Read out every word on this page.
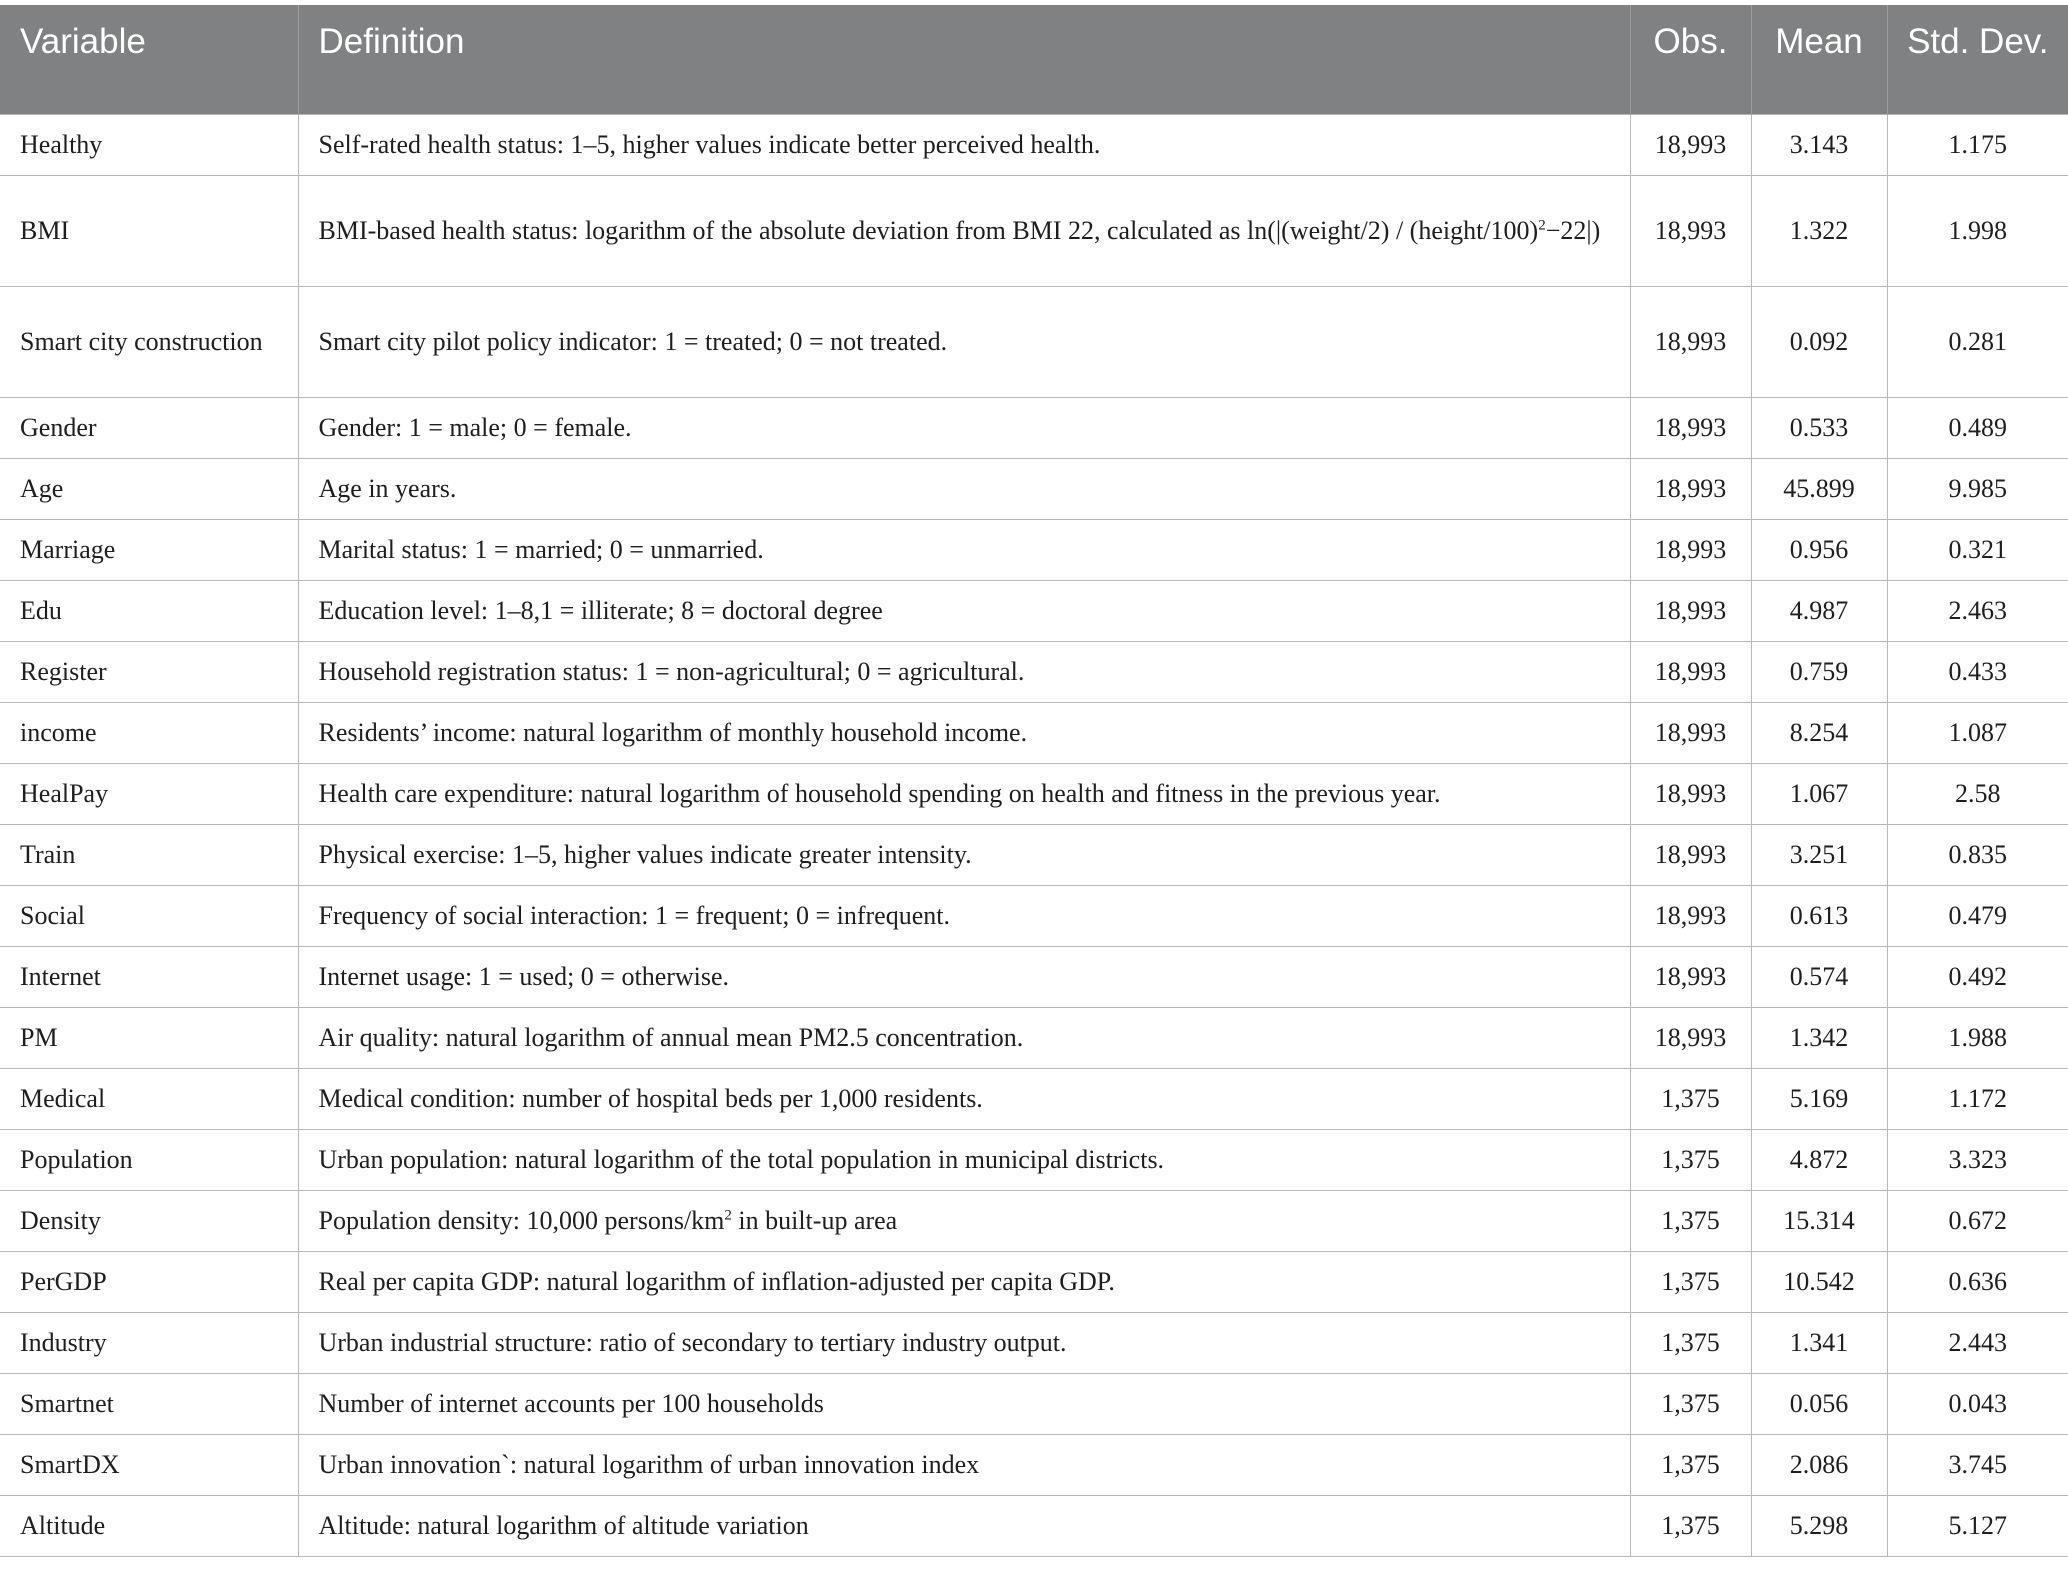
Variable	Definition	Obs.	Mean	Std. Dev.
Healthy	Self-rated health status: 1–5, higher values indicate better perceived health.	18,993	3.143	1.175
BMI	BMI-based health status: logarithm of the absolute deviation from BMI 22, calculated as ln(|(weight/2) / (height/100)$^2$−22|)	18,993	1.322	1.998
Smart city construction	Smart city pilot policy indicator: 1 = treated; 0 = not treated.	18,993	0.092	0.281
Gender	Gender: 1 = male; 0 = female.	18,993	0.533	0.489
Age	Age in years.	18,993	45.899	9.985
Marriage	Marital status: 1 = married; 0 = unmarried.	18,993	0.956	0.321
Edu	Education level: 1–8,1 = illiterate; 8 = doctoral degree	18,993	4.987	2.463
Register	Household registration status: 1 = non-agricultural; 0 = agricultural.	18,993	0.759	0.433
income	Residents’ income: natural logarithm of monthly household income.	18,993	8.254	1.087
HealPay	Health care expenditure: natural logarithm of household spending on health and fitness in the previous year.	18,993	1.067	2.58
Train	Physical exercise: 1–5, higher values indicate greater intensity.	18,993	3.251	0.835
Social	Frequency of social interaction: 1 = frequent; 0 = infrequent.	18,993	0.613	0.479
Internet	Internet usage: 1 = used; 0 = otherwise.	18,993	0.574	0.492
PM	Air quality: natural logarithm of annual mean PM2.5 concentration.	18,993	1.342	1.988
Medical	Medical condition: number of hospital beds per 1,000 residents.	1,375	5.169	1.172
Population	Urban population: natural logarithm of the total population in municipal districts.	1,375	4.872	3.323
Density	Population density: 10,000 persons/$km^2$ in built-up area	1,375	15.314	0.672
PerGDP	Real per capita GDP: natural logarithm of inflation-adjusted per capita GDP.	1,375	10.542	0.636
Industry	Urban industrial structure: ratio of secondary to tertiary industry output.	1,375	1.341	2.443
Smartnet	Number of internet accounts per 100 households	1,375	0.056	0.043
SmartDX	Urban innovation`: natural logarithm of urban innovation index	1,375	2.086	3.745
Altitude	Altitude: natural logarithm of altitude variation	1,375	5.298	5.127
